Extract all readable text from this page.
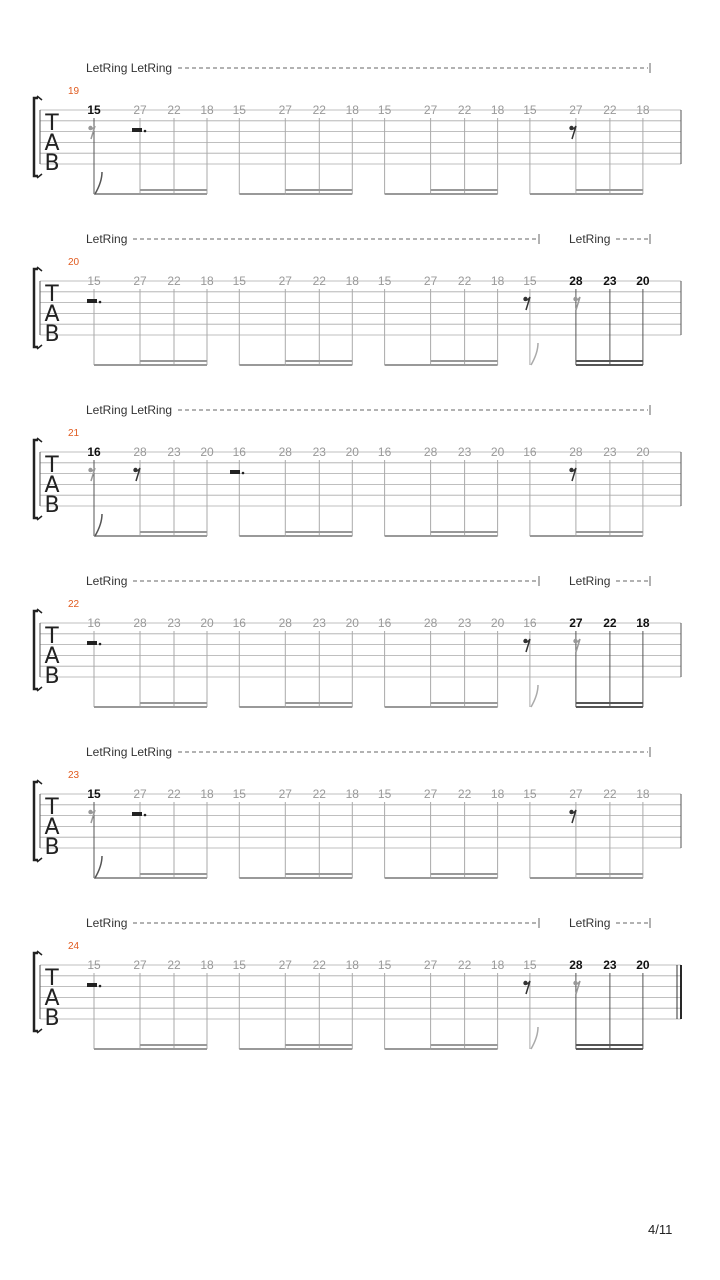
T
A
B
19
LetRing LetRing
15	27 22 18 15	27 22 18 15	27 22 18 15	27 22 18
T
A
B
20
LetRing	LetRing
15	27 22 18 15	27 22 18 15	27 22 18 15	28 23 20
T
A
B
21
LetRing LetRing
16	28 23 20 16	28 23 20 16	28 23 20 16	28 23 20
T
A
B
22
LetRing	LetRing
16	28 23 20 16	28 23 20 16	28 23 20 16	27 22 18
T
A
B
23
LetRing LetRing
15	27 22 18 15	27 22 18 15	27 22 18 15	27 22 18
T
A
B
24
LetRing	LetRing
15	27 22 18 15	27 22 18 15	27 22 18 15	28 23 20
4/11
